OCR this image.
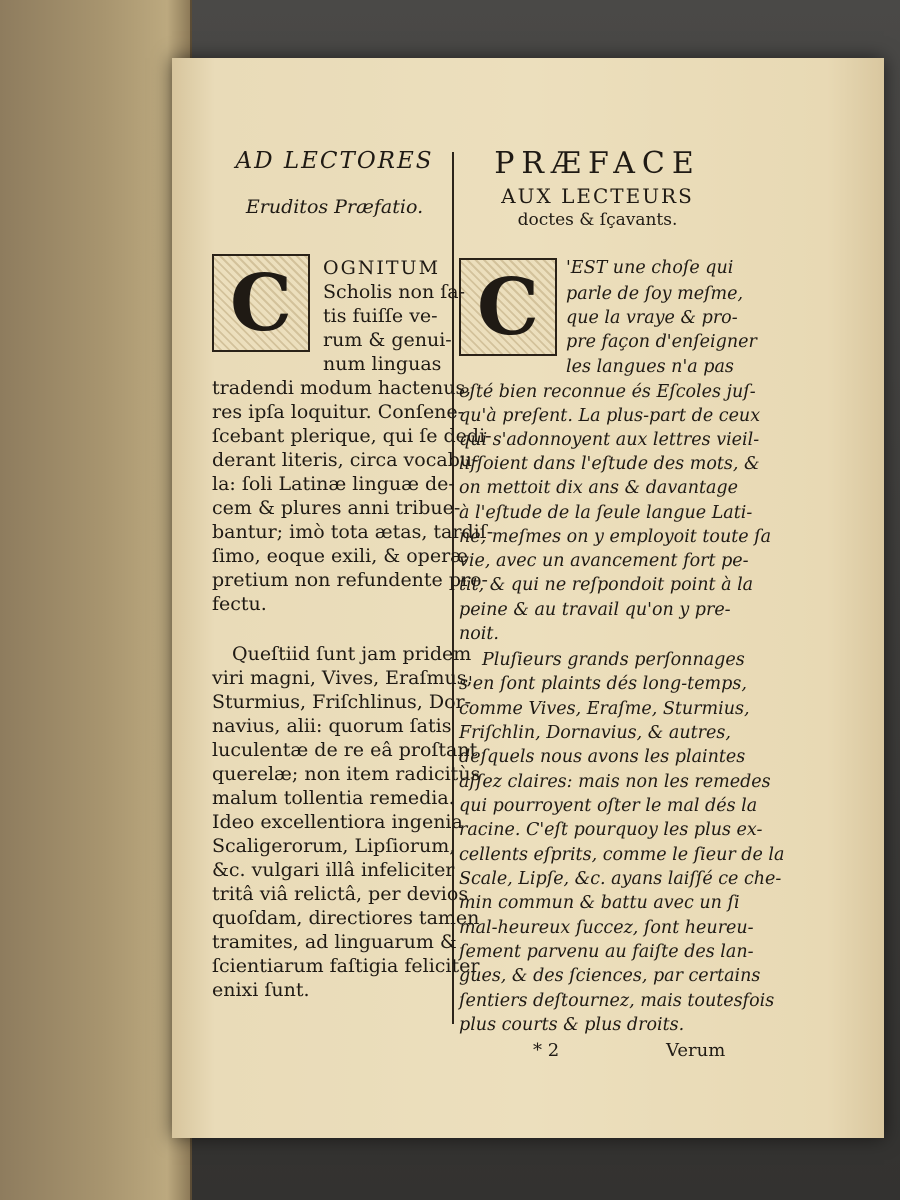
AD LECTORES
Eruditos Præfatio.
PRÆFACE
AUX LECTEURS
doctes & ſçavants.
C C
OGNITUM
Scholis non ſa-
tis fuiſſe ve-
rum & genui-
num linguas
tradendi modum hactenus,
res ipſa loquitur. Conſene-
ſcebant plerique, qui ſe dedi-
derant literis, circa vocabu-
la: ſoli Latinæ linguæ de-
cem & plures anni tribue-
bantur; imò tota ætas, tardiſ-
ſimo, eoque exili, & operæ
pretium non refundente pro-
fectu.
Queſtiid ſunt jam pridem
viri magni, Vives, Eraſmus,
Sturmius, Friſchlinus, Dor-
navius, alii: quorum ſatis
luculentæ de re eâ proſtant
querelæ; non item radicitùs
malum tollentia remedia.
Ideo excellentiora ingenia
Scaligerorum, Lipſiorum,
&c. vulgari illâ infeliciter
tritâ viâ relictâ, per devios
quoſdam, directiores tamen
tramites, ad linguarum &
ſcientiarum faſtigia feliciter
enixi ſunt.
'EST une choſe qui
parle de ſoy meſme,
que la vraye & pro-
pre façon d'enſeigner
les langues n'a pas
eſté bien reconnue és Eſcoles juſ-
qu'à preſent. La plus-part de ceux
qui s'adonnoyent aux lettres vieil-
liſſoient dans l'eſtude des mots, &
on mettoit dix ans & davantage
à l'eſtude de la ſeule langue Lati-
ne, meſmes on y employoit toute ſa
vie, avec un avancement fort pe-
tit, & qui ne reſpondoit point à la
peine & au travail qu'on y pre-
noit.
Pluſieurs grands perſonnages
s'en ſont plaints dés long-temps,
comme Vives, Eraſme, Sturmius,
Friſchlin, Dornavius, & autres,
deſquels nous avons les plaintes
aſſez claires: mais non les remedes
qui pourroyent oſter le mal dés la
racine. C'eſt pourquoy les plus ex-
cellents eſprits, comme le ſieur de la
Scale, Lipſe, &c. ayans laiſſé ce che-
min commun & battu avec un ſi
mal-heureux ſuccez, ſont heureu-
ſement parvenu au faiſte des lan-
gues, & des ſciences, par certains
ſentiers deſtournez, mais toutesfois
plus courts & plus droits.
* 2	Verum
